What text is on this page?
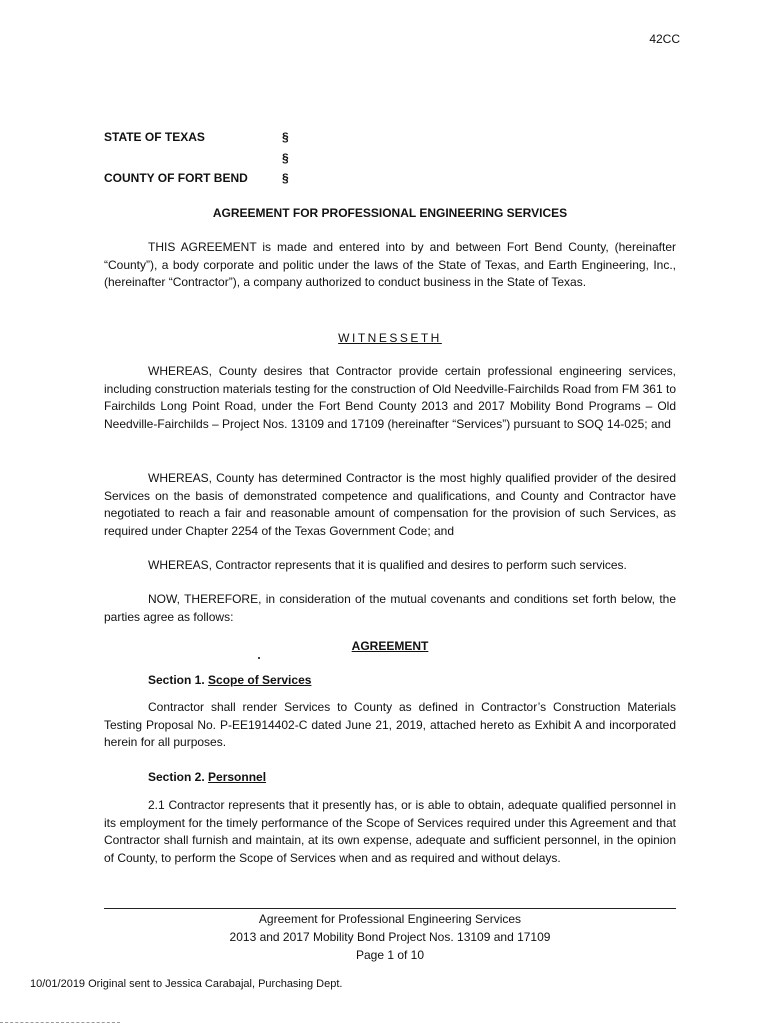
42CC
STATE OF TEXAS
COUNTY OF FORT BEND
§
§
§
AGREEMENT FOR PROFESSIONAL ENGINEERING SERVICES
THIS AGREEMENT is made and entered into by and between Fort Bend County, (hereinafter “County”), a body corporate and politic under the laws of the State of Texas, and Earth Engineering, Inc., (hereinafter “Contractor”), a company authorized to conduct business in the State of Texas.
WITNESSETH
WHEREAS, County desires that Contractor provide certain professional engineering services, including construction materials testing for the construction of Old Needville-Fairchilds Road from FM 361 to Fairchilds Long Point Road, under the Fort Bend County 2013 and 2017 Mobility Bond Programs – Old Needville-Fairchilds – Project Nos. 13109 and 17109 (hereinafter “Services”) pursuant to SOQ 14-025; and
WHEREAS, County has determined Contractor is the most highly qualified provider of the desired Services on the basis of demonstrated competence and qualifications, and County and Contractor have negotiated to reach a fair and reasonable amount of compensation for the provision of such Services, as required under Chapter 2254 of the Texas Government Code; and
WHEREAS, Contractor represents that it is qualified and desires to perform such services.
NOW, THEREFORE, in consideration of the mutual covenants and conditions set forth below, the parties agree as follows:
AGREEMENT
Section 1. Scope of Services
Contractor shall render Services to County as defined in Contractor’s Construction Materials Testing Proposal No. P-EE1914402-C dated June 21, 2019, attached hereto as Exhibit A and incorporated herein for all purposes.
Section 2. Personnel
2.1 Contractor represents that it presently has, or is able to obtain, adequate qualified personnel in its employment for the timely performance of the Scope of Services required under this Agreement and that Contractor shall furnish and maintain, at its own expense, adequate and sufficient personnel, in the opinion of County, to perform the Scope of Services when and as required and without delays.
Agreement for Professional Engineering Services
2013 and 2017 Mobility Bond Project Nos. 13109 and 17109
Page 1 of 10
10/01/2019 Original sent to Jessica Carabajal, Purchasing Dept.
